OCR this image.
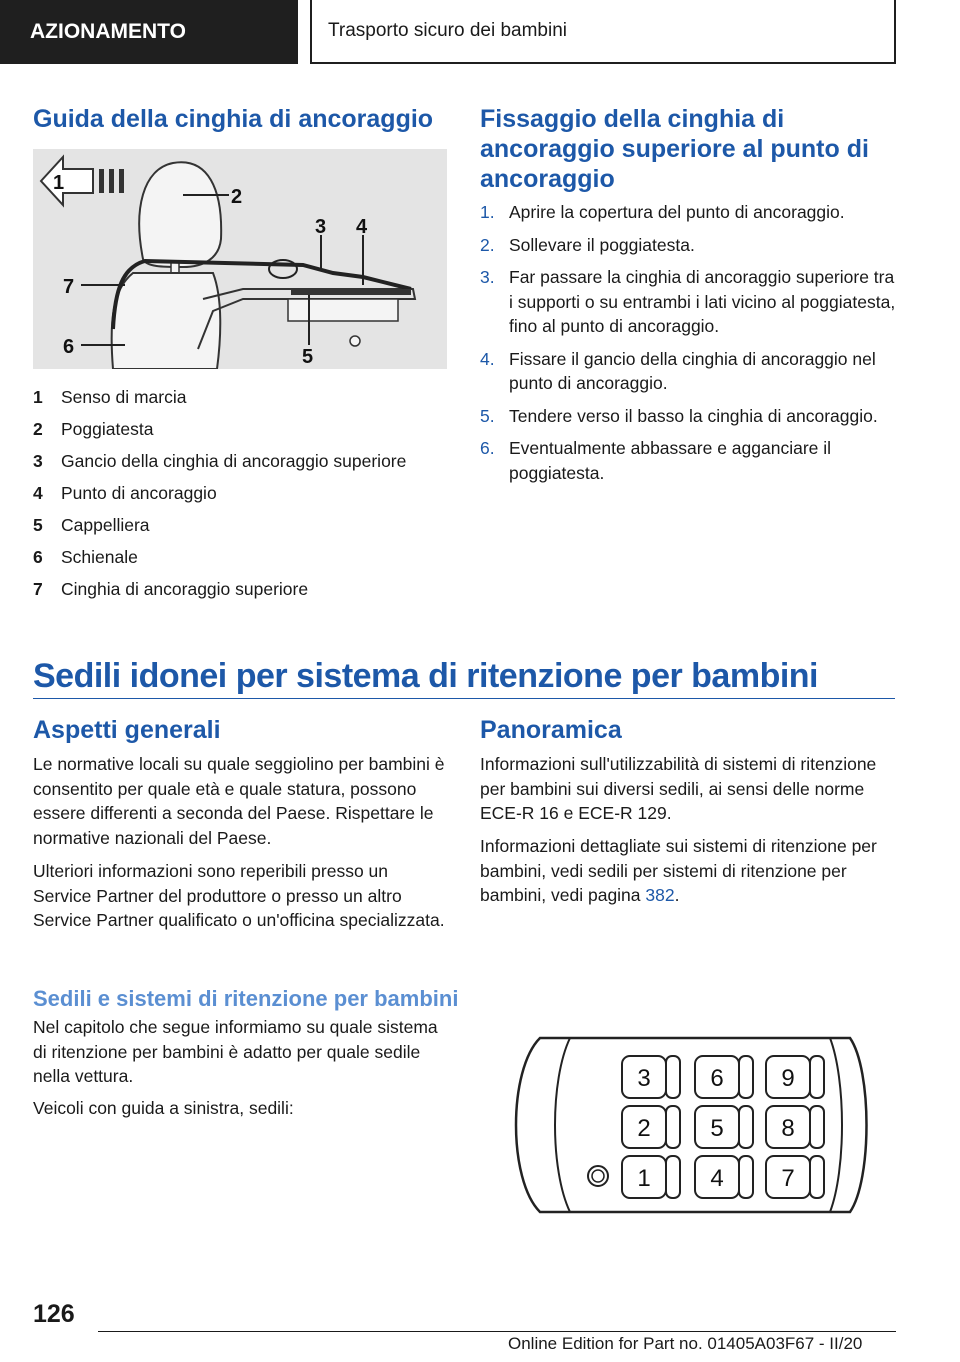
AZIONAMENTO	Trasporto sicuro dei bambini
Guida della cinghia di ancoraggio
1
2
3 4
5
6
7
1	Senso di marcia
2	Poggiatesta
3	Gancio della cinghia di ancoraggio superiore
4	Punto di ancoraggio
5	Cappelliera
6	Schienale
7	Cinghia di ancoraggio superiore
Fissaggio della cinghia di ancoraggio superiore al punto di ancoraggio
1. Aprire la copertura del punto di ancoraggio.
2. Sollevare il poggiatesta.
3. Far passare la cinghia di ancoraggio superiore tra i supporti o su entrambi i lati vicino al poggiatesta, fino al punto di ancoraggio.
4. Fissare il gancio della cinghia di ancoraggio nel punto di ancoraggio.
5. Tendere verso il basso la cinghia di ancoraggio.
6. Eventualmente abbassare e agganciare il poggiatesta.
Sedili idonei per sistema di ritenzione per bambini
Aspetti generali

Le normative locali su quale seggiolino per bambini è consentito per quale età e quale statura, possono essere differenti a seconda del Paese. Rispettare le normative nazionali del Paese.

Ulteriori informazioni sono reperibili presso un Service Partner del produttore o presso un altro Service Partner qualificato o un'officina specializzata.

Panoramica

Informazioni sull'utilizzabilità di sistemi di ritenzione per bambini sui diversi sedili, ai sensi delle norme ECE-R 16 e ECE-R 129.

Informazioni dettagliate sui sistemi di ritenzione per bambini, vedi sedili per sistemi di ritenzione per bambini, vedi pagina 382.

Sedili e sistemi di ritenzione per bambini

Nel capitolo che segue informiamo su quale sistema di ritenzione per bambini è adatto per quale sedile nella vettura.

Veicoli con guida a sinistra, sedili:

3 6 9
2 5 8
1 4 7
126
Online Edition for Part no. 01405A03F67 - II/20
